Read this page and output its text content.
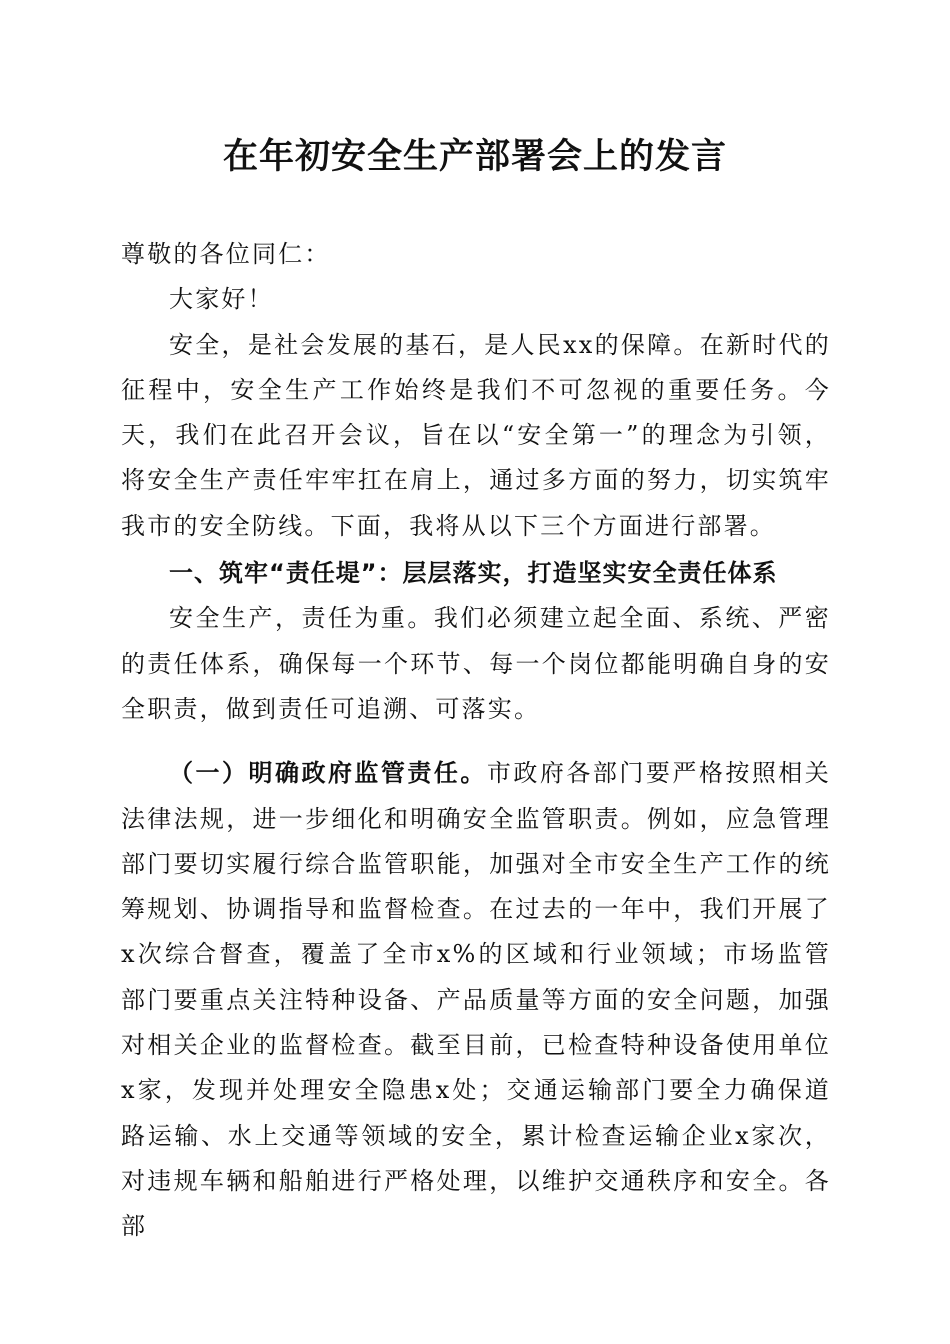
在年初安全生产部署会上的发言

尊敬的各位同仁：

大家好！

安全，是社会发展的基石，是人民xx的保障。在新时代的征程中，安全生产工作始终是我们不可忽视的重要任务。今天，我们在此召开会议，旨在以“安全第一”的理念为引领，将安全生产责任牢牢扛在肩上，通过多方面的努力，切实筑牢我市的安全防线。下面，我将从以下三个方面进行部署。

一、筑牢“责任堤”：层层落实，打造坚实安全责任体系

安全生产，责任为重。我们必须建立起全面、系统、严密的责任体系，确保每一个环节、每一个岗位都能明确自身的安全职责，做到责任可追溯、可落实。

（一）明确政府监管责任。市政府各部门要严格按照相关法律法规，进一步细化和明确安全监管职责。例如，应急管理部门要切实履行综合监管职能，加强对全市安全生产工作的统筹规划、协调指导和监督检查。在过去的一年中，我们开展了x次综合督查，覆盖了全市x%的区域和行业领域；市场监管部门要重点关注特种设备、产品质量等方面的安全问题，加强对相关企业的监督检查。截至目前，已检查特种设备使用单位x家，发现并处理安全隐患x处；交通运输部门要全力确保道路运输、水上交通等领域的安全，累计检查运输企业x家次，对违规车辆和船舶进行严格处理，以维护交通秩序和安全。各部
